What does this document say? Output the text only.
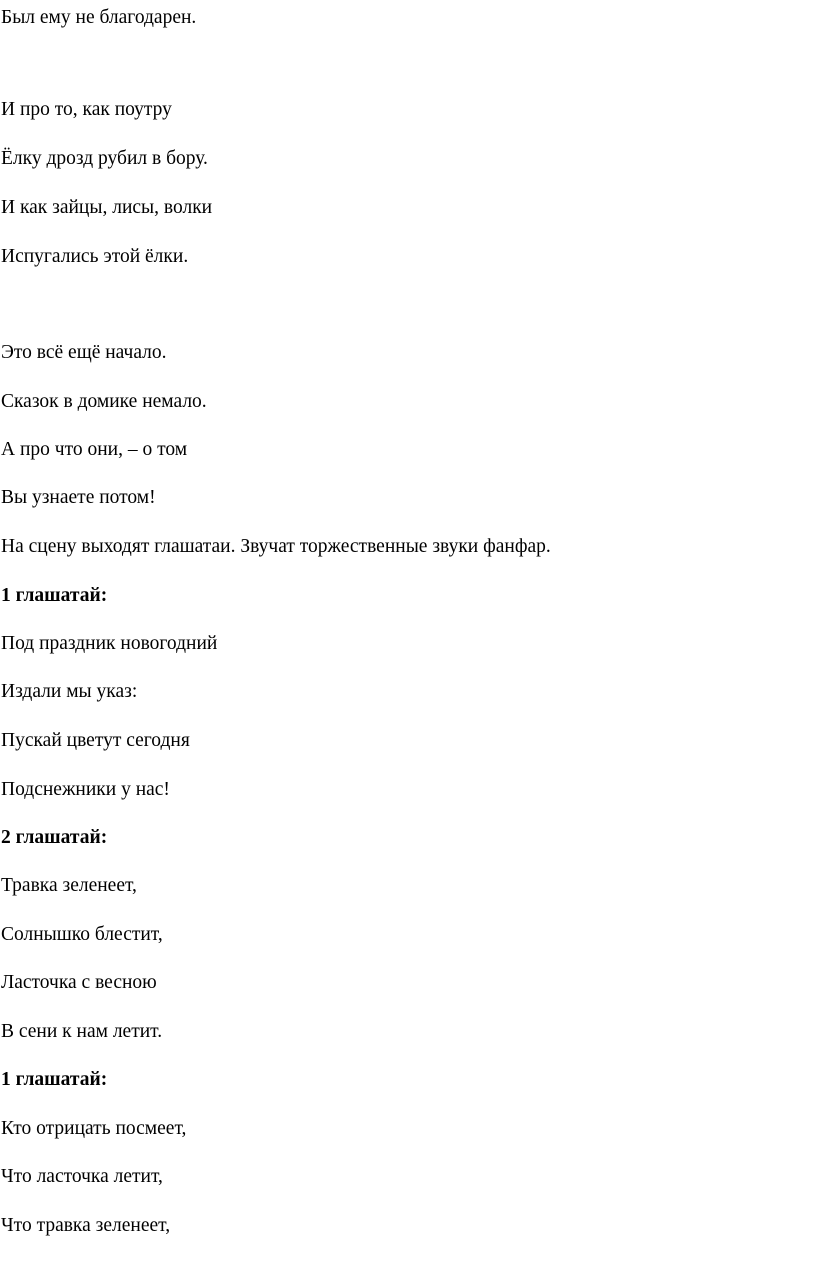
Был ему не благодарен.

И про то, как поутру

Ёлку дрозд рубил в бору.

И как зайцы, лисы, волки

Испугались этой ёлки.

Это всё ещё начало.

Сказок в домике немало.

А про что они, – о том

Вы узнаете потом!

На сцену выходят глашатаи. Звучат торжественные звуки фанфар.

1 глашатай:

Под праздник новогодний

Издали мы указ:

Пускай цветут сегодня

Подснежники у нас!

2 глашатай:

Травка зеленеет,

Солнышко блестит,

Ласточка с весною

В сени к нам летит.

1 глашатай:

Кто отрицать посмеет,

Что ласточка летит,

Что травка зеленеет,
